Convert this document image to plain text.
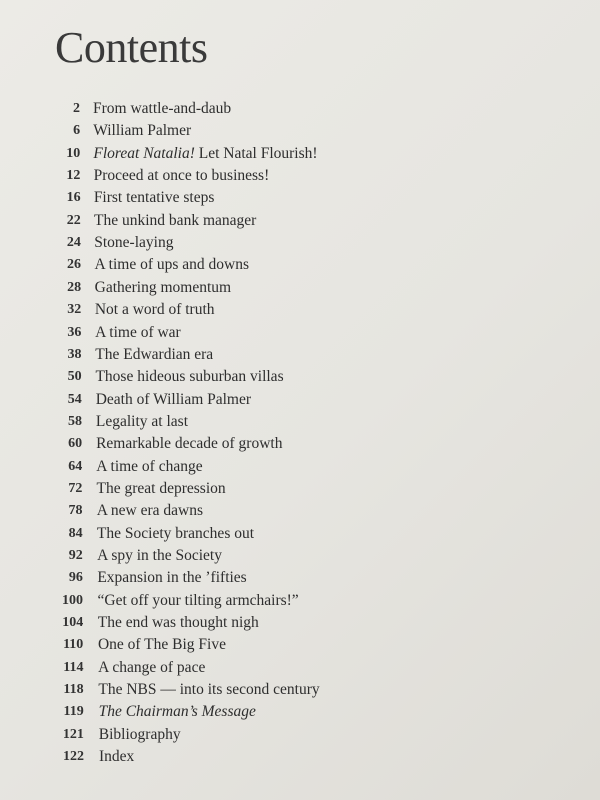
Contents
2 From wattle-and-daub
6 William Palmer
10 Floreat Natalia! Let Natal Flourish!
12 Proceed at once to business!
16 First tentative steps
22 The unkind bank manager
24 Stone-laying
26 A time of ups and downs
28 Gathering momentum
32 Not a word of truth
36 A time of war
38 The Edwardian era
50 Those hideous suburban villas
54 Death of William Palmer
58 Legality at last
60 Remarkable decade of growth
64 A time of change
72 The great depression
78 A new era dawns
84 The Society branches out
92 A spy in the Society
96 Expansion in the ’fifties
100 “Get off your tilting armchairs!”
104 The end was thought nigh
110 One of The Big Five
114 A change of pace
118 The NBS — into its second century
119 The Chairman’s Message
121 Bibliography
122 Index
